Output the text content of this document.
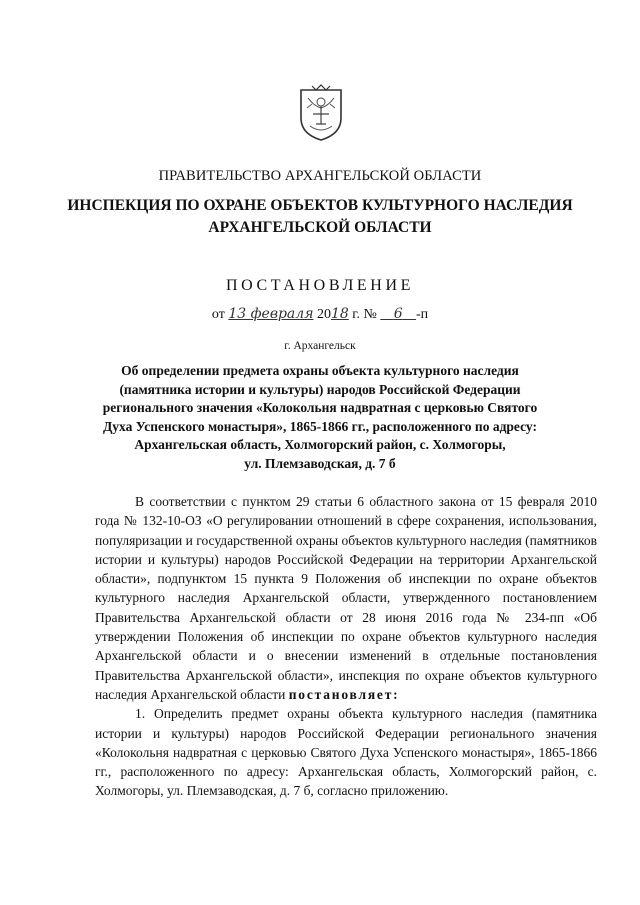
ПРАВИТЕЛЬСТВО АРХАНГЕЛЬСКОЙ ОБЛАСТИ
ИНСПЕКЦИЯ ПО ОХРАНЕ ОБЪЕКТОВ КУЛЬТУРНОГО НАСЛЕДИЯ
АРХАНГЕЛЬСКОЙ ОБЛАСТИ
ПОСТАНОВЛЕНИЕ
от 13 февраля 2018 г. № 6 -п
г. Архангельск
Об определении предмета охраны объекта культурного наследия
(памятника истории и культуры) народов Российской Федерации
регионального значения «Колокольня надвратная с церковью Святого
Духа Успенского монастыря», 1865-1866 гг., расположенного по адресу:
Архангельская область, Холмогорский район, с. Холмогоры,
ул. Племзаводская, д. 7 б

В соответствии с пунктом 29 статьи 6 областного закона от 15 февраля 2010 года № 132-10-ОЗ «О регулировании отношений в сфере сохранения, использования, популяризации и государственной охраны объектов культурного наследия (памятников истории и культуры) народов Российской Федерации на территории Архангельской области», подпунктом 15 пункта 9 Положения об инспекции по охране объектов культурного наследия Архангельской области, утвержденного постановлением Правительства Архангельской области от 28 июня 2016 года № 234-пп «Об утверждении Положения об инспекции по охране объектов культурного наследия Архангельской области и о внесении изменений в отдельные постановления Правительства Архангельской области», инспекция по охране объектов культурного наследия Архангельской области постановляет:

1. Определить предмет охраны объекта культурного наследия (памятника истории и культуры) народов Российской Федерации регионального значения «Колокольня надвратная с церковью Святого Духа Успенского монастыря», 1865-1866 гг., расположенного по адресу: Архангельская область, Холмогорский район, с. Холмогоры, ул. Племзаводская, д. 7 б, согласно приложению.
